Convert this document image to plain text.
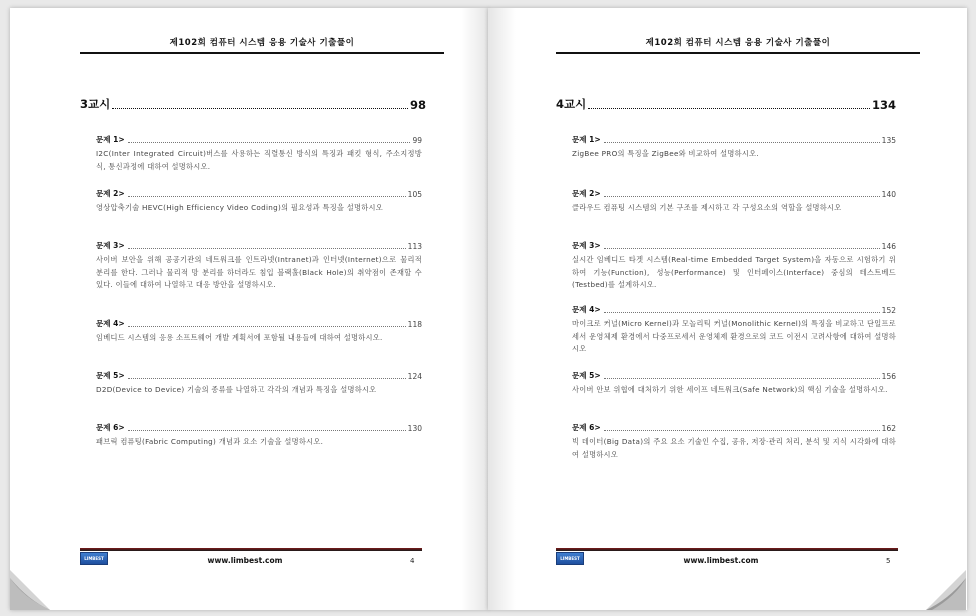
제102회 컴퓨터 시스템 응용 기술사 기출풀이
3교시	98
문제 1>	99
I2C(Inter Integrated Circuit)버스를 사용하는 직렬통신 방식의 특징과 패킷 형식, 주소지정방식, 통신과정에 대하여 설명하시오.
문제 2>	105
영상압축기술 HEVC(High Efficiency Video Coding)의 필요성과 특징을 설명하시오
문제 3>	113
사이버 보안을 위해 공공기관의 네트워크를 인트라넷(Intranet)과 인터넷(Internet)으로 물리적 분리를 한다. 그러나 물리적 망 분리를 하더라도 침입 블랙홀(Black Hole)의 취약점이 존재할 수 있다. 이들에 대하여 나열하고 대응 방안을 설명하시오.
문제 4>	118
임베디드 시스템의 응용 소프트웨어 개발 계획서에 포함될 내용들에 대하여 설명하시오.
문제 5>	124
D2D(Device to Device) 기술의 종류를 나열하고 각각의 개념과 특징을 설명하시오
문제 6>	130
패브릭 컴퓨팅(Fabric Computing) 개념과 요소 기술을 설명하시오.
LIMBEST	www.limbest.com	4
제102회 컴퓨터 시스템 응용 기술사 기출풀이
4교시	134
문제 1>	135
ZigBee PRO의 특징을 ZigBee와 비교하여 설명하시오.
문제 2>	140
클라우드 컴퓨팅 시스템의 기본 구조를 제시하고 각 구성요소의 역할을 설명하시오
문제 3>	146
실시간 임베디드 타겟 시스템(Real-time Embedded Target System)을 자동으로 시험하기 위하여 기능(Function), 성능(Performance) 및 인터페이스(Interface) 중심의 테스트베드(Testbed)를 설계하시오.
문제 4>	152
마이크로 커널(Micro Kernel)과 모놀리틱 커널(Monolithic Kernel)의 특징을 비교하고 단일프로세서 운영체제 환경에서 다중프로세서 운영체제 환경으로의 코드 이전시 고려사항에 대하여 설명하시오
문제 5>	156
사이버 안보 위협에 대처하기 위한 세이프 네트워크(Safe Network)의 핵심 기술을 설명하시오.
문제 6>	162
빅 데이터(Big Data)의 주요 요소 기술인 수집, 공유, 저장·관리 처리, 분석 및 지식 시각화에 대하여 설명하시오
LIMBEST	www.limbest.com	5
